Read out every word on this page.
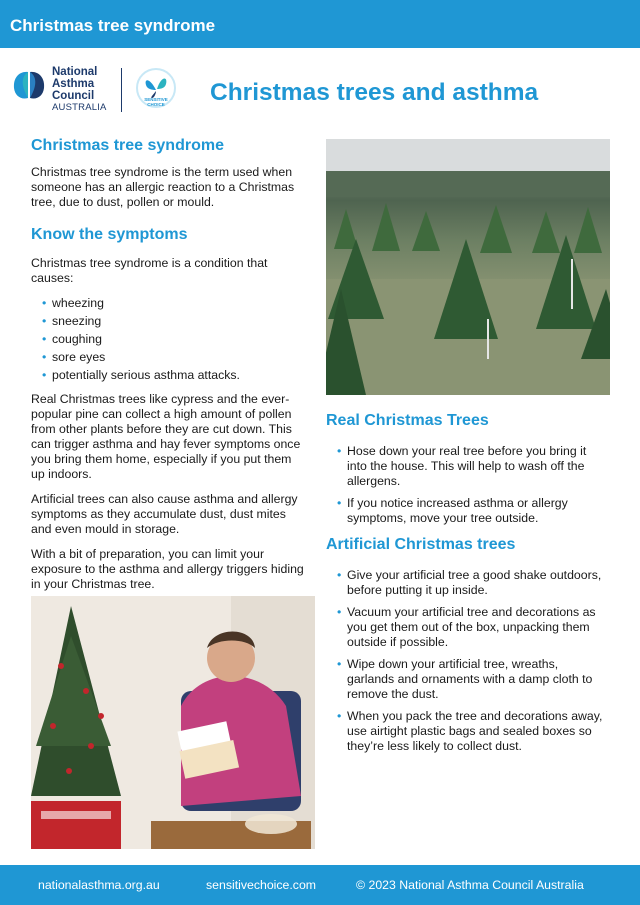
Christmas tree syndrome
National
Asthma
Council
AUSTRALIA
SENSITIVE
CHOICE	Christmas trees and asthma
Christmas tree syndrome

Christmas tree syndrome is the term used when someone has an allergic reaction to a Christmas tree, due to dust, pollen or mould.

Know the symptoms

Christmas tree syndrome is a condition that causes:

• wheezing
• sneezing
• coughing
• sore eyes
• potentially serious asthma attacks.

Real Christmas trees like cypress and the ever-popular pine can collect a high amount of pollen from other plants before they are cut down. This can trigger asthma and hay fever symptoms once you bring them home, especially if you put them up indoors.

Artificial trees can also cause asthma and allergy symptoms as they accumulate dust, dust mites and even mould in storage.

With a bit of preparation, you can limit your exposure to the asthma and allergy triggers hiding in your Christmas tree.

Real Christmas Trees
• Hose down your real tree before you bring it into the house. This will help to wash off the allergens.
• If you notice increased asthma or allergy symptoms, move your tree outside.
Artificial Christmas trees
• Give your artificial tree a good shake outdoors, before putting it up inside.
• Vacuum your artificial tree and decorations as you get them out of the box, unpacking them outside if possible.
• Wipe down your artificial tree, wreaths, garlands and ornaments with a damp cloth to remove the dust.
• When you pack the tree and decorations away, use airtight plastic bags and sealed boxes so they’re less likely to collect dust.
nationalasthma.org.au	sensitivechoice.com	© 2023 National Asthma Council Australia
